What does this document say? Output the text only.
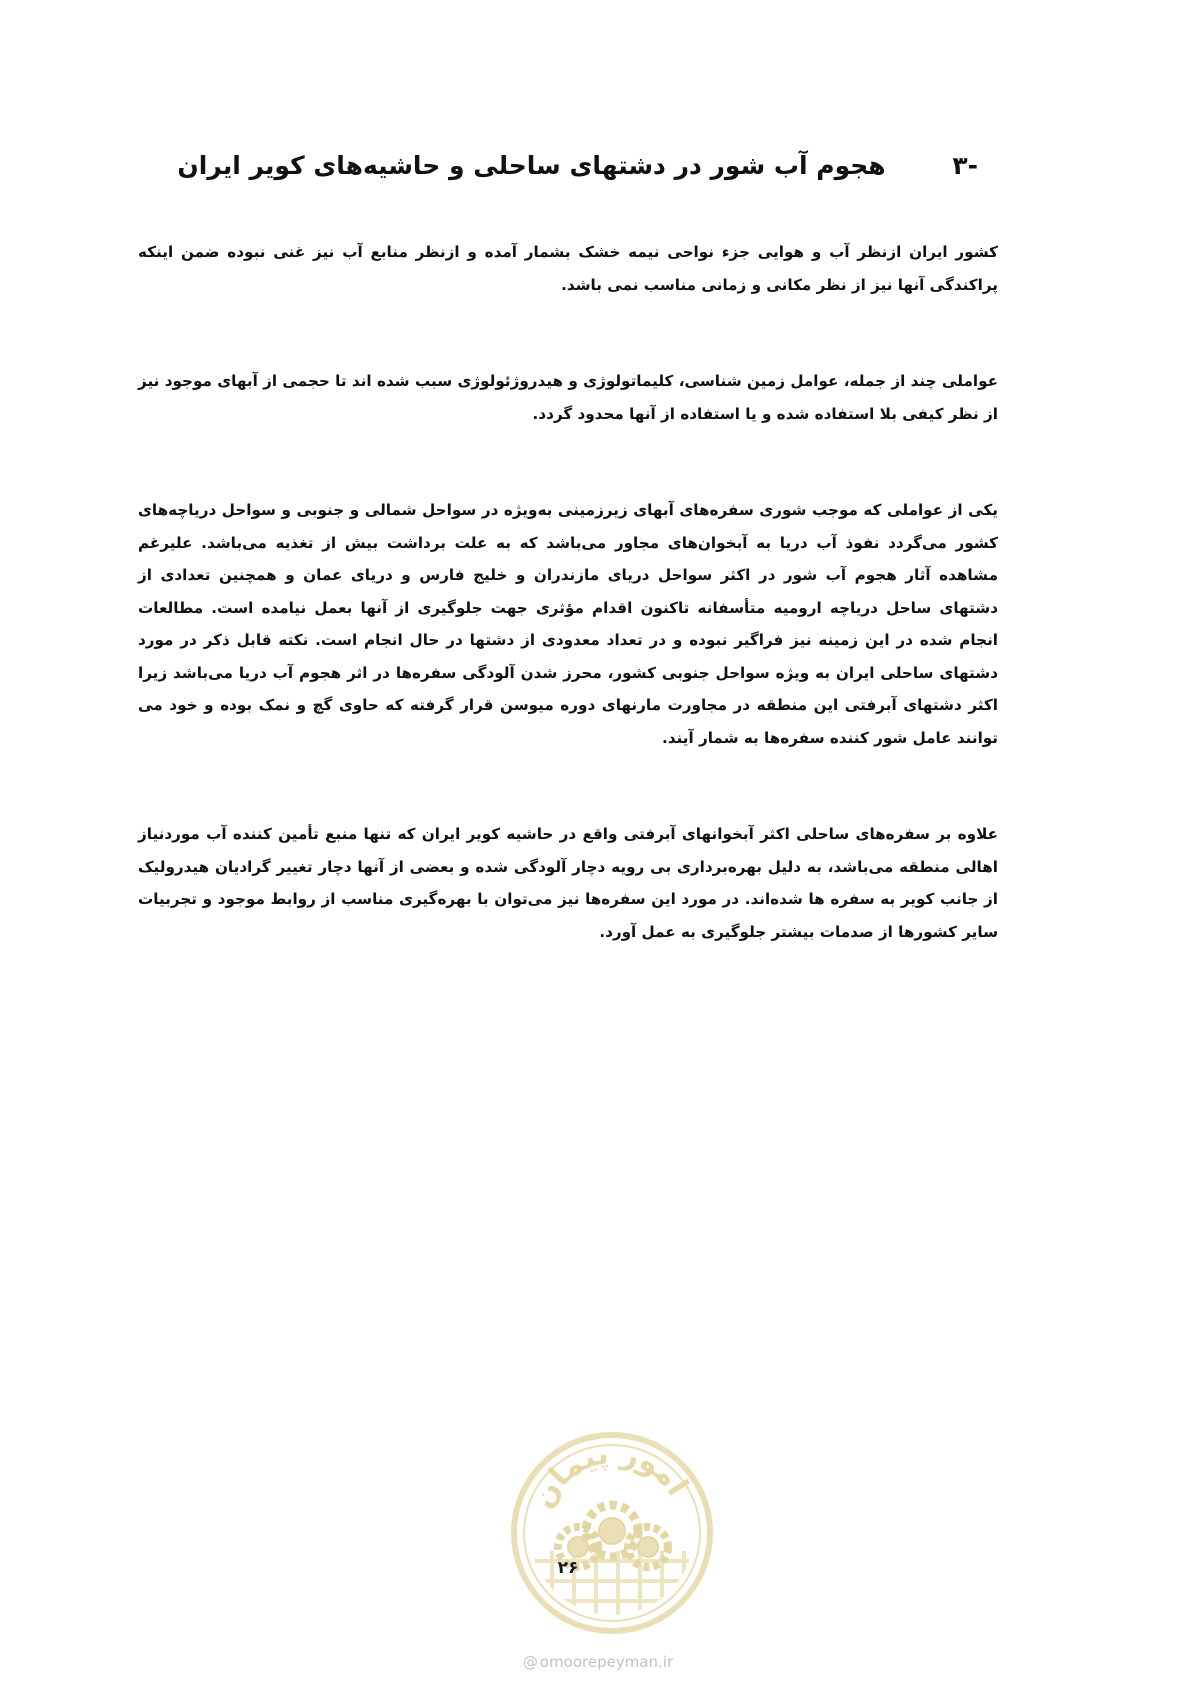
-۳ هجوم آب شور در دشتهای ساحلی و حاشیه‌های کویر ایران

کشور ایران ازنظر آب و هوایی جزء نواحی نیمه خشک بشمار آمده و ازنظر منابع آب نیز غنی نبوده ضمن اینکه پراکندگی آنها نیز از نظر مکانی و زمانی مناسب نمی باشد.

عواملی چند از جمله، عوامل زمین شناسی، کلیماتولوژی و هیدروژئولوژی سبب شده اند تا حجمی از آبهای موجود نیز از نظر کیفی بلا استفاده شده و یا استفاده از آنها محدود گردد.

یکی از عواملی که موجب شوری سفره‌های آبهای زیرزمینی به‌ویژه در سواحل شمالی و جنوبی و سواحل دریاچه‌های کشور می‌گردد نفوذ آب دریا به آبخوان‌های مجاور می‌باشد که به علت برداشت بیش از تغذیه می‌باشد. علیرغم مشاهده آثار هجوم آب شور در اکثر سواحل دریای مازندران و خلیج فارس و دریای عمان و همچنین تعدادی از دشتهای ساحل دریاچه ارومیه متأسفانه تاکنون اقدام مؤثری جهت جلوگیری از آنها بعمل نیامده است. مطالعات انجام شده در این زمینه نیز فراگیر نبوده و در تعداد معدودی از دشتها در حال انجام است. نکته قابل ذکر در مورد دشتهای ساحلی ایران به ویژه سواحل جنوبی کشور، محرز شدن آلودگی سفره‌ها در اثر هجوم آب دریا می‌باشد زیرا اکثر دشتهای آبرفتی این منطقه در مجاورت مارنهای دوره میوسن قرار گرفته که حاوی گچ و نمک بوده و خود می توانند عامل شور کننده سفره‌ها به شمار آیند.

علاوه بر سفره‌های ساحلی اکثر آبخوانهای آبرفتی واقع در حاشیه کویر ایران که تنها منبع تأمین کننده آب موردنیاز اهالی منطقه می‌باشد، به دلیل بهره‌برداری بی رویه دچار آلودگی شده و بعضی از آنها دچار تغییر گرادیان هیدرولیک از جانب کویر به سفره ها شده‌اند. در مورد این سفره‌ها نیز می‌توان با بهره‌گیری مناسب از روابط موجود و تجربیات سایر کشورها از صدمات بیشتر جلوگیری به عمل آورد.

امور پیمان
۲۶
@ omoorepeyman.ir
